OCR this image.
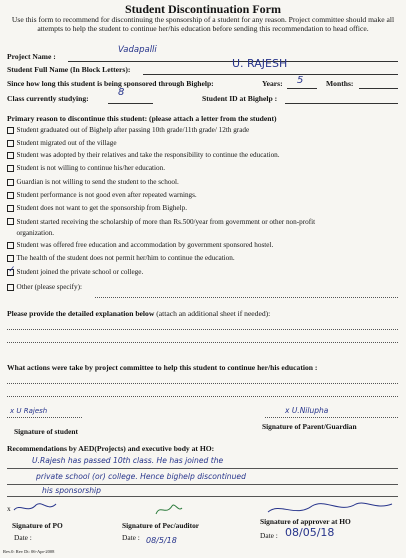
Student Discontinuation Form
Use this form to recommend for discontinuing the sponsorship of a student for any reason. Project committee should make all attempts to help the student to continue her/his education before sending this recommendation to head office.
Project Name :
Vadapalli
Student Full Name (In Block Letters):	U. RAJESH
Since how long this student is being sponsored through Bighelp:	Years: 5	Months:
Class currently studying:
8
Student ID at Bighelp :
Primary reason to discontinue this student: (please attach a letter from the student)
Student graduated out of Bighelp after passing 10th grade/11th grade/ 12th grade
Student migrated out of the village
Student was adopted by their relatives and take the responsibility to continue the education.
Student is not willing to continue his/her education.
Guardian is not willing to send the student to the school.
Student performance is not good even after repeated warnings.
Student does not want to get the sponsorship from Bighelp.
Student started receiving the scholarship of more than Rs.500/year from government or other non-profit organization.
Student was offered free education and accommodation by government sponsored hostel.
The health of the student does not permit her/him to continue the education.
✓ Student joined the private school or college.
Other (please specify):
Please provide the detailed explanation below (attach an additional sheet if needed):
What actions were take by project committee to help this student to continue her/his education :
x U Rajesh
Signature of student
x U.Nilupha
Signature of Parent/Guardian
Recommendations by AED(Projects) and executive body at HO:
U.Rajesh has passed 10th class. He has joined the
private school (or) college. Hence bighelp discontinued
his sponsorship
x
Signature of PO
Date :
Signature of Pec/auditor
Date : 08/5/18
Signature of approver at HO
Date : 08/05/18
Rev.0: Rev Dt: 06-Apr-2008
